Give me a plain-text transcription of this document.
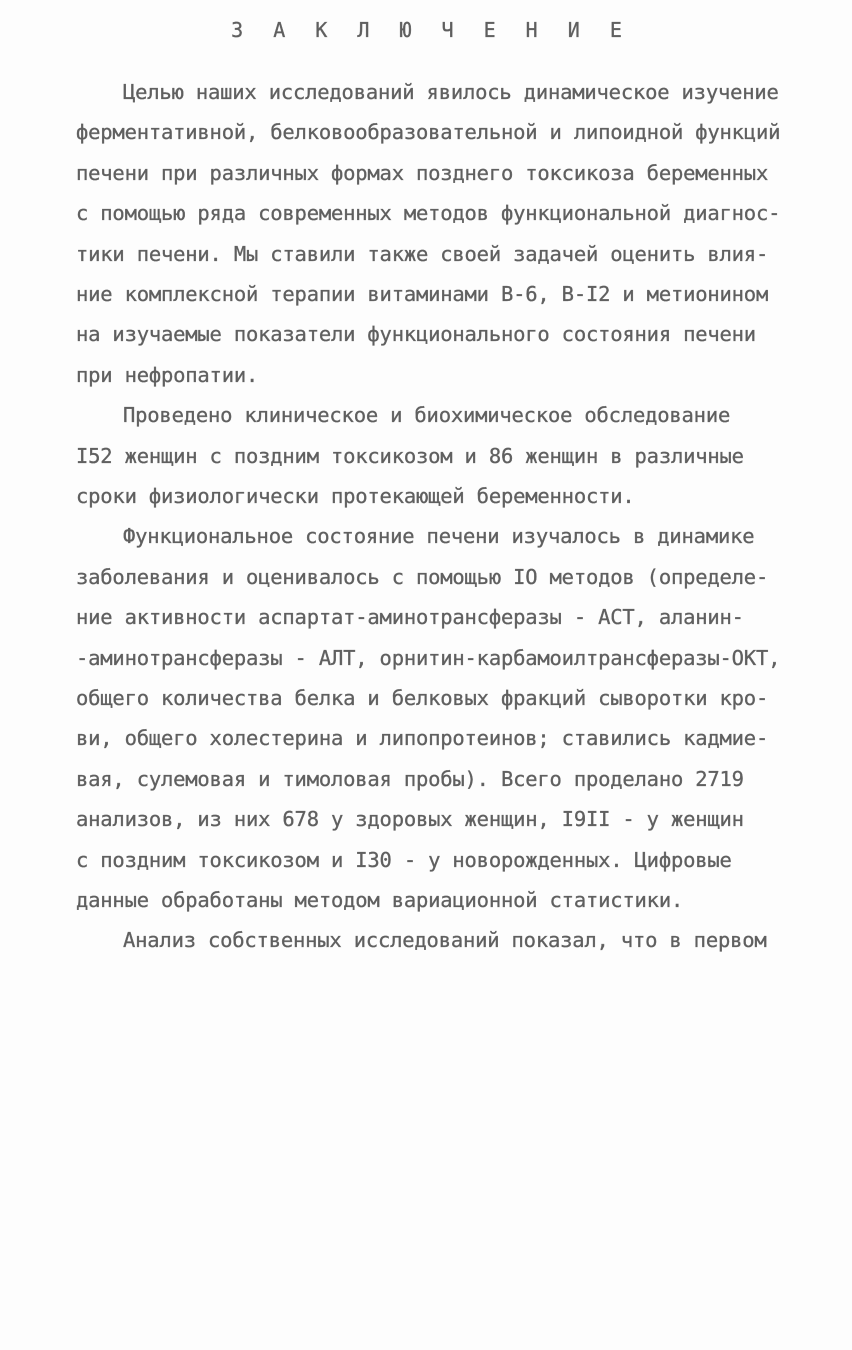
З А К Л Ю Ч Е Н И Е
Целью наших исследований явилось динамическое изучение
ферментативной, белковообразовательной и липоидной функций
печени при различных формах позднего токсикоза беременных
с помощью ряда современных методов функциональной диагнос-
тики печени. Мы ставили также своей задачей оценить влия-
ние комплексной терапии витаминами В-6, В-I2 и метионином
на изучаемые показатели функционального состояния печени
при нефропатии.
Проведено клиническое и биохимическое обследование
I52 женщин с поздним токсикозом и 86 женщин в различные
сроки физиологически протекающей беременности.
Функциональное состояние печени изучалось в динамике
заболевания и оценивалось с помощью IО методов (определе-
ние активности аспартат-аминотрансферазы - АСТ, аланин-
-аминотрансферазы - АЛТ, орнитин-карбамоилтрансферазы-ОКТ,
общего количества белка и белковых фракций сыворотки кро-
ви, общего холестерина и липопротеинов; ставились кадмие-
вая, сулемовая и тимоловая пробы). Всего проделано 2719
анализов, из них 678 у здоровых женщин, I9II - у женщин
с поздним токсикозом и I30 - у новорожденных. Цифровые
данные обработаны методом вариационной статистики.
Анализ собственных исследований показал, что в первом
